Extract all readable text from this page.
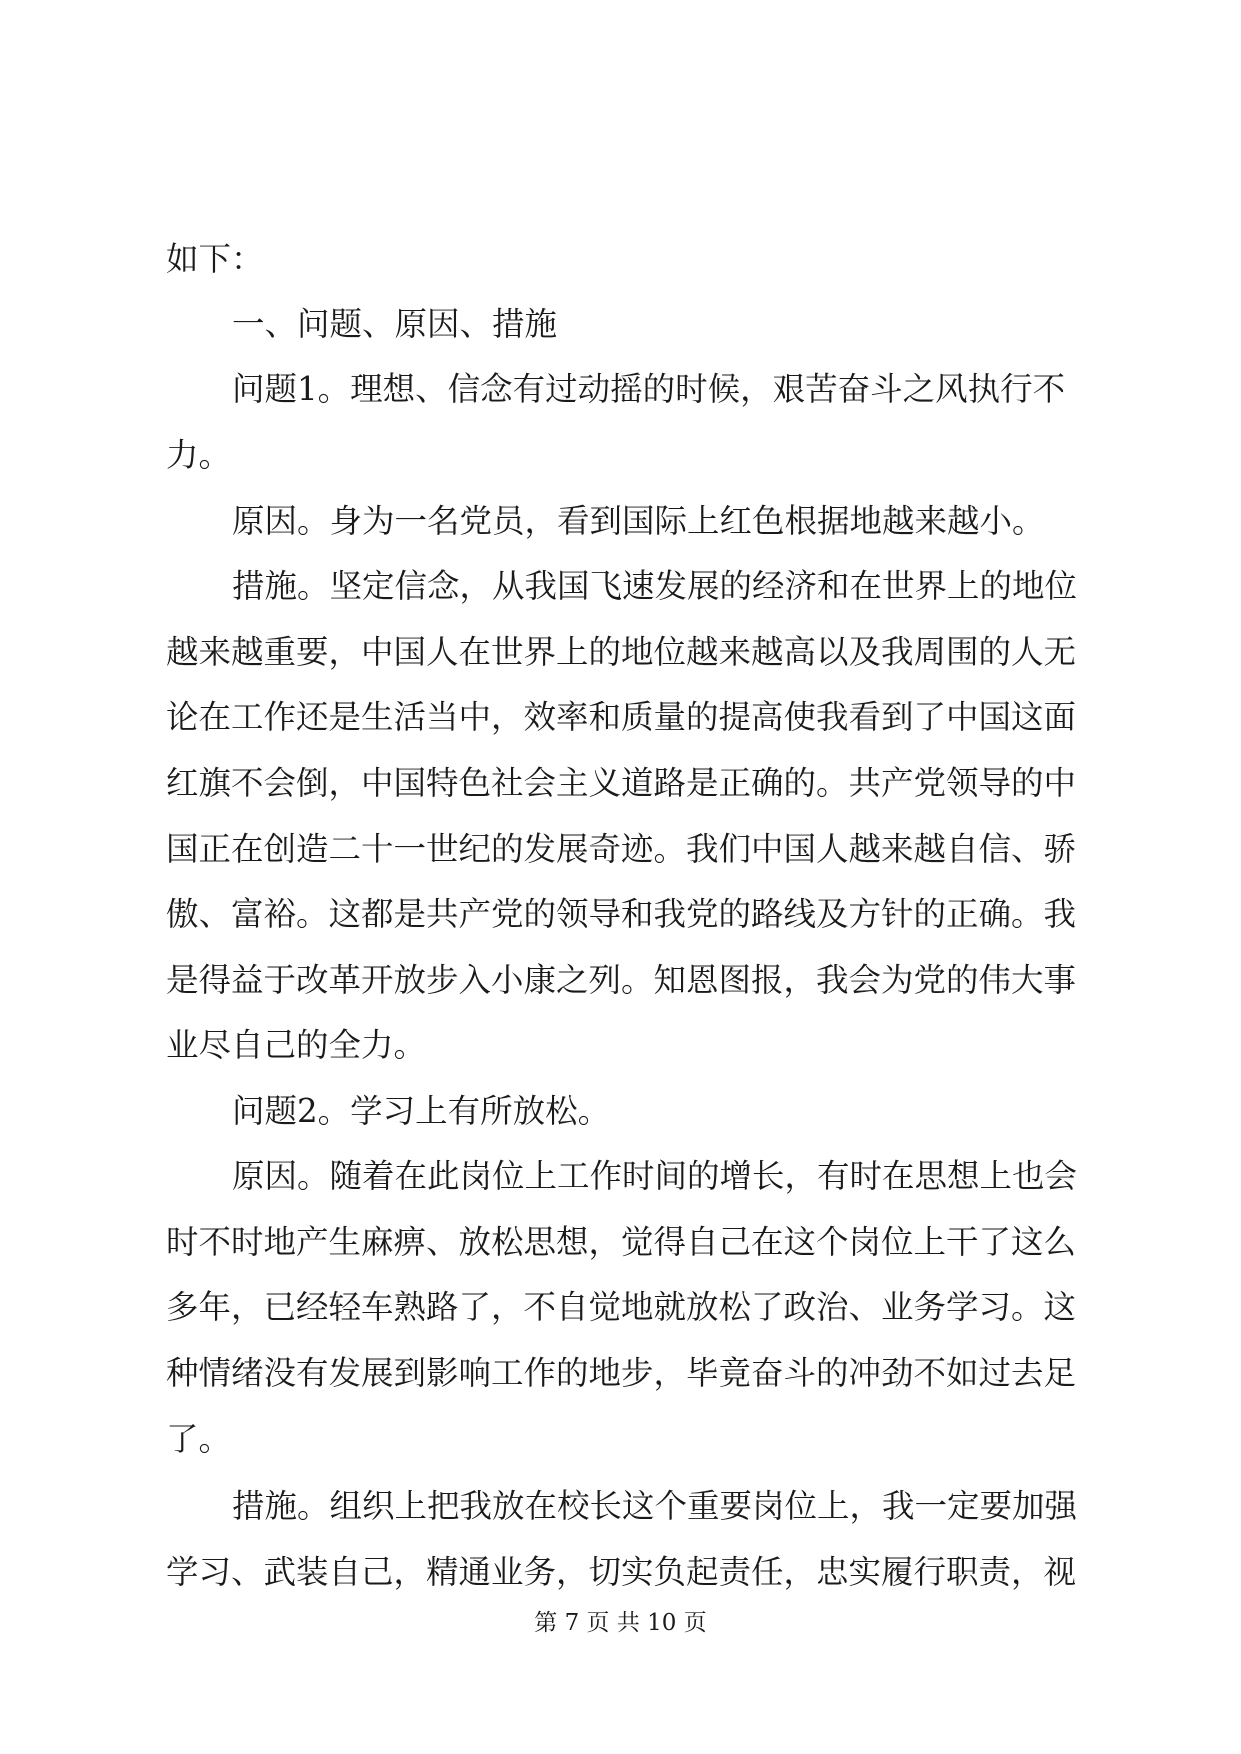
如下：
一、问题、原因、措施
问题1。理想、信念有过动摇的时候，艰苦奋斗之风执行不
力。
原因。身为一名党员，看到国际上红色根据地越来越小。
措施。坚定信念，从我国飞速发展的经济和在世界上的地位
越来越重要，中国人在世界上的地位越来越高以及我周围的人无
论在工作还是生活当中，效率和质量的提高使我看到了中国这面
红旗不会倒，中国特色社会主义道路是正确的。共产党领导的中
国正在创造二十一世纪的发展奇迹。我们中国人越来越自信、骄
傲、富裕。这都是共产党的领导和我党的路线及方针的正确。我
是得益于改革开放步入小康之列。知恩图报，我会为党的伟大事
业尽自己的全力。
问题2。学习上有所放松。
原因。随着在此岗位上工作时间的增长，有时在思想上也会
时不时地产生麻痹、放松思想，觉得自己在这个岗位上干了这么
多年，已经轻车熟路了，不自觉地就放松了政治、业务学习。这
种情绪没有发展到影响工作的地步，毕竟奋斗的冲劲不如过去足
了。
措施。组织上把我放在校长这个重要岗位上，我一定要加强
学习、武装自己，精通业务，切实负起责任，忠实履行职责，视
第 7 页 共 10 页
